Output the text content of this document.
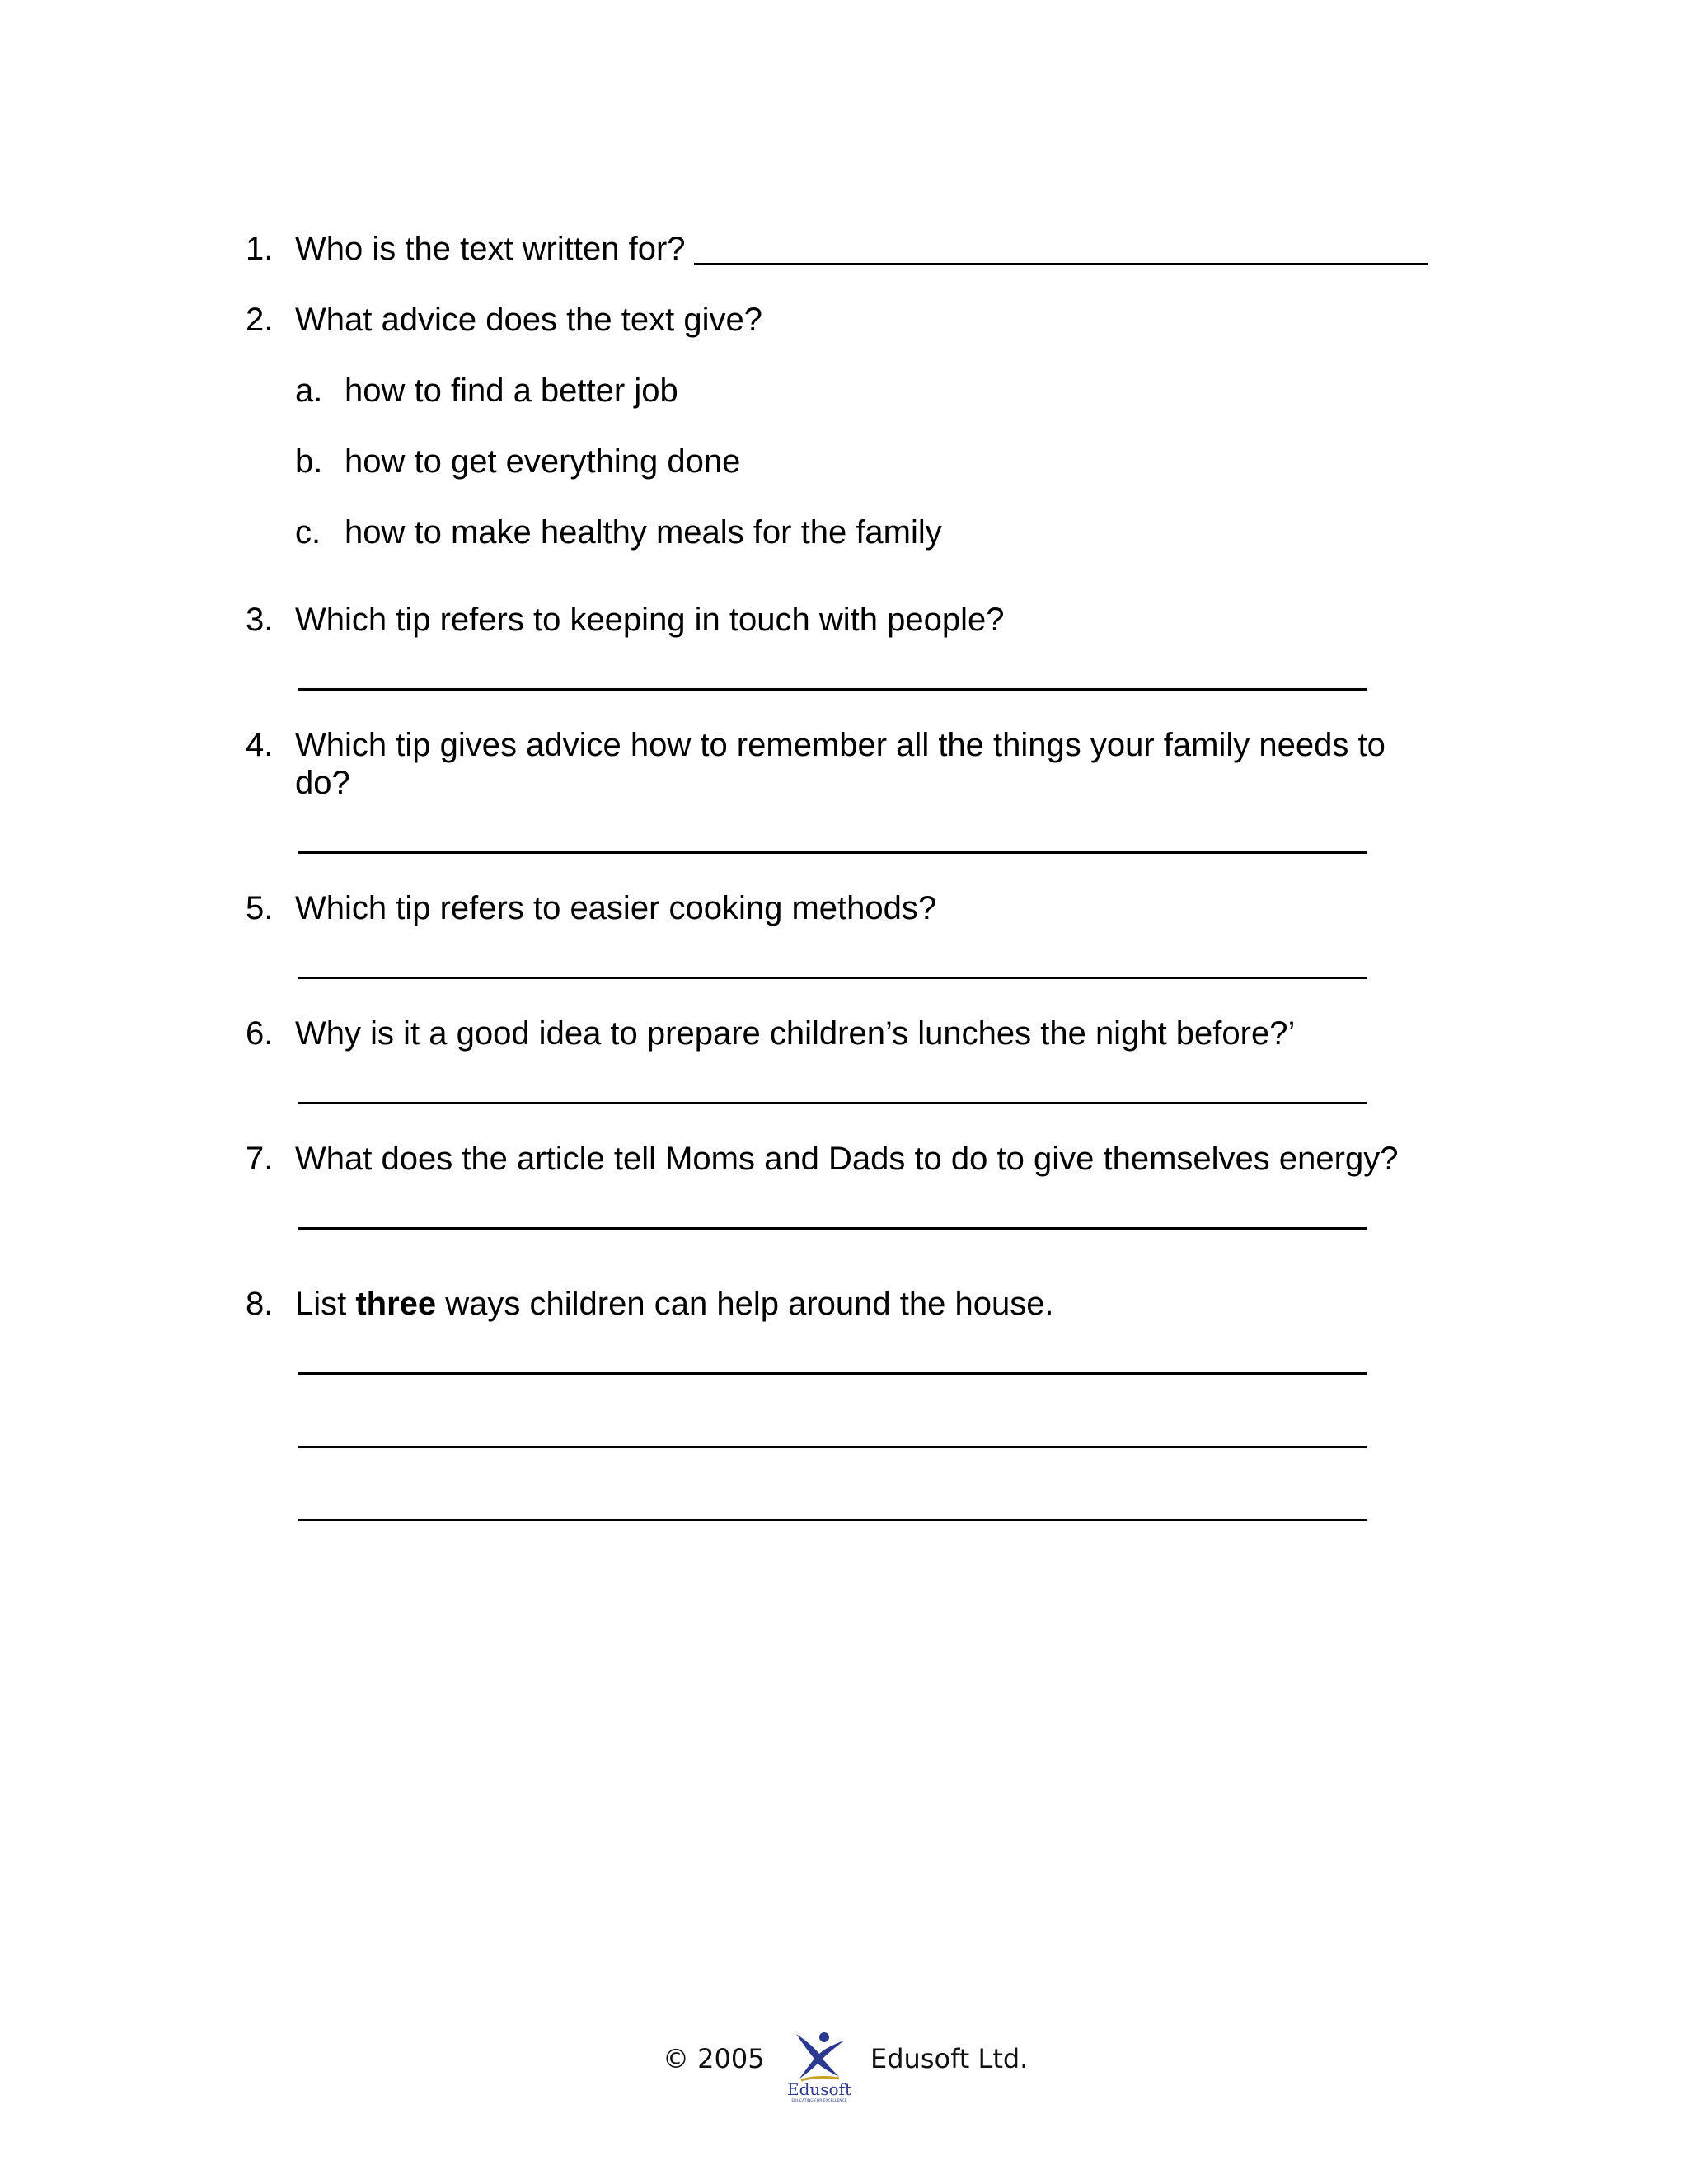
1. Who is the text written for?
2. What advice does the text give?
a. how to find a better job
b. how to get everything done
c. how to make healthy meals for the family
3. Which tip refers to keeping in touch with people?
4. Which tip gives advice how to remember all the things your family needs to
do?
5. Which tip refers to easier cooking methods?
6. Why is it a good idea to prepare children’s lunches the night before?’
7. What does the article tell Moms and Dads to do to give themselves energy?
8. List three ways children can help around the house.
© 2005
Edusoft
EDUCATING FOR EXCELLENCE
Edusoft Ltd.
